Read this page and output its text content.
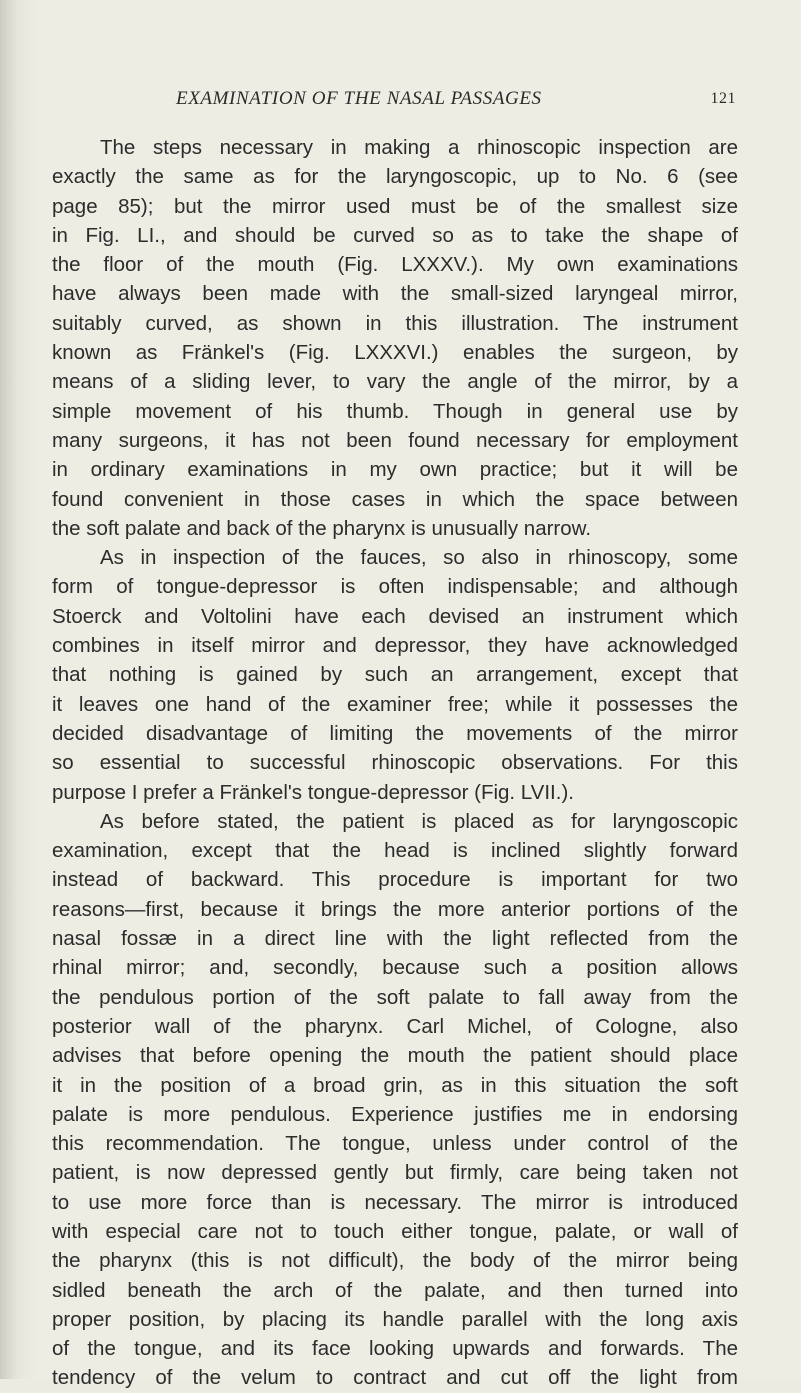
EXAMINATION OF THE NASAL PASSAGES	121
The steps necessary in making a rhinoscopic inspection are
exactly the same as for the laryngoscopic, up to No. 6 (see
page 85); but the mirror used must be of the smallest size
in Fig. LI., and should be curved so as to take the shape of
the floor of the mouth (Fig. LXXXV.). My own examinations
have always been made with the small-sized laryngeal mirror,
suitably curved, as shown in this illustration. The instrument
known as Fränkel's (Fig. LXXXVI.) enables the surgeon, by
means of a sliding lever, to vary the angle of the mirror, by a
simple movement of his thumb. Though in general use by
many surgeons, it has not been found necessary for employment
in ordinary examinations in my own practice; but it will be
found convenient in those cases in which the space between
the soft palate and back of the pharynx is unusually narrow.
As in inspection of the fauces, so also in rhinoscopy, some
form of tongue-depressor is often indispensable; and although
Stoerck and Voltolini have each devised an instrument which
combines in itself mirror and depressor, they have acknowledged
that nothing is gained by such an arrangement, except that
it leaves one hand of the examiner free; while it possesses the
decided disadvantage of limiting the movements of the mirror
so essential to successful rhinoscopic observations. For this
purpose I prefer a Fränkel's tongue-depressor (Fig. LVII.).
As before stated, the patient is placed as for laryngoscopic
examination, except that the head is inclined slightly forward
instead of backward. This procedure is important for two
reasons—first, because it brings the more anterior portions of the
nasal fossæ in a direct line with the light reflected from the
rhinal mirror; and, secondly, because such a position allows
the pendulous portion of the soft palate to fall away from the
posterior wall of the pharynx. Carl Michel, of Cologne, also
advises that before opening the mouth the patient should place
it in the position of a broad grin, as in this situation the soft
palate is more pendulous. Experience justifies me in endorsing
this recommendation. The tongue, unless under control of the
patient, is now depressed gently but firmly, care being taken not
to use more force than is necessary. The mirror is introduced
with especial care not to touch either tongue, palate, or wall of
the pharynx (this is not difficult), the body of the mirror being
sidled beneath the arch of the palate, and then turned into
proper position, by placing its handle parallel with the long axis
of the tongue, and its face looking upwards and forwards. The
tendency of the velum to contract and cut off the light from
